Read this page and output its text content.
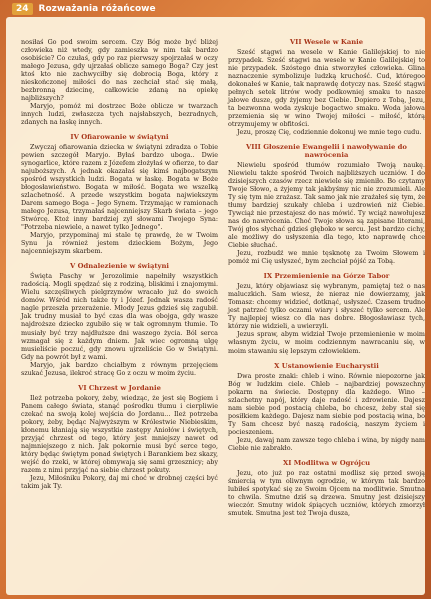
24	Rozważania różańcowe

nosiłaś Go pod swoim sercem. Czy Bóg może być bliżej człowieka niż wtedy, gdy zamieszka w nim tak bardzo osobiście? Co czułaś, gdy po raz pierwszy spojrzałaś w oczy małego Jezusa, gdy ujrzałaś oblicze samego Boga? Czy jest ktoś kto nie zachwyciłby się dobrocią Boga, który z nieskończonej miłości do nas zechciał stać się małą, bezbronną dziecinę, całkowicie zdaną na opiekę najbliższych?

Maryjo, pomóż mi dostrzec Boże oblicze w twarzach innych ludzi, zwłaszcza tych najsłabszych, bezradnych, zdanych na łaskę innych.

IV Ofiarowanie w świątyni

Zwyczaj ofiarowania dziecka w świątyni zdradza o Tobie pewien szczegół Maryjo. Byłaś bardzo uboga.. Dwie synogarlice, które razem z Józefem złożyłaś w ofierze, to dar najuboższych. A jednak okazałaś się kimś najbogatszym spośród wszystkich ludzi. Bogata w łaskę. Bogata w Boże błogosławieństwo. Bogata w miłość. Bogata we wszelką szlachetność. A przede wszystkim bogata najwiekszym Darem samego Boga – Jego Synem. Trzymając w ramionach małego Jezusa, trzymałaś najcenniejszy Skarb świata – jego Stwórcę. Ktoż inny bardziej zył słowami Twojego Syna: "Potrzeba niewiele, a nawet tylko Jednego".

Maryjo, przypominaj mi stale tę prawdę, że w Twoim Synu ja również jestem dzieckiem Bożym, Jego najcenniejszym skarbem.

V Odnalezienie w świątyni

Święta Paschy w Jerozolimie napełniły wszystkich radością. Mogli spędzać się z rodziną, bliskimi i znajomymi. Wielu szczęśliwych pielgrzymów wracało już do swoich domów. Wśród nich także ty i Józef. Jednak wasza radość nagle przeszła przerażenie. Młody Jezus gdzieś się zagubił. Jak trudny musiał to być czas dla was obojga, gdy wasze najdroższe dziecko zgubiło się w tak ogromnym tłumie. To musiały być trzy najdłuższe dni waszego życia. Ból serca wzmagał się z każdym dniem. Jak wiec ogromną ulgę musieliście poczuć, gdy znowu ujrzeliście Go w Świątyni. Gdy na powrót był z wami.

Maryjo, jak bardzo chciałbym z równym przejęciem szukać Jezusa, ilekroć stracę Go z oczu w moim życiu.

VI Chrzest w Jordanie

Ileż potrzeba pokory, żeby, wiedząc, że jest się Bogiem i Panem całego świata, stanąć pośrodku tłumu i cierpliwie czekać na swoją kolej wejścia do Jordanu... Ileż potrzeba pokory, żeby, będąc Najwyższym w Królestwie Niebieskim, kłonemu kłaniają się wszystkie zastępy Aniołów i świętych, przyjąć chrzest od tego, który jest mniejszy nawet od najmniejszego z nich. Jak pokornie musi być serce tego, który będąc świętym ponad świętych i Barankiem bez skazy, wejść do rzeki, w której obmywają się sami grzesznicy; aby razem z nimi przyjąć na siebie chrzest pokuty.

Jezu, Miłośniku Pokory, daj mi choć w drobnej części być takim jak Ty.

VII Wesele w Kanie

Sześć stągwi na wesele w Kanie Galilejskiej to nie przypadek. Sześć stągwi na wesele w Kanie Galilejskiej to nie przypadek. Szóstego dnia stworzyłeś człowieka. Glina naznaczenie symbolizuje ludzką kruchość. Cud, któregoo dokonałeś w Kanie, tak naprawdę dotyczy nas. Sześć stągwi pełnych setek litrów wody podkowniej smaku to nasze jałowe dusze, gdy żyjemy bez Ciebie. Dopiero z Tobą, Jezu, ta bezwonna woda zyskuje bogactwo smaku. Woda jałowa przemienia się w wino Twojej miłości – miłość, którą otrzymujemy w obfitości.

Jezu, proszę Cię, codziennie dokonuj we mnie tego cudu.

VIII Głoszenie Ewangelii i nawoływanie do nawrócenia

Niewielu spośród tłumów rozumiało Twoją naukę. Niewielu także spośród Twoich najbliższych uczniów. I do dzisiejszych czasów rzecz niewiele się zmieniło. Bo czytamy Twoje Słowo, a żyjemy tak jakbyśmy nic nie zrozumieli. Ale Ty się tym nie zrażasz. Tak samo jak nie zrażałeś się tym, że tłumy bardziej szukały chleba i uzdrowień niż Ciebie. Tywciąż nie przestajesz do nas mówić. Ty wciąż nawołujesz nas do nawrócenia. Choć Twoje słowa są zapisane literami, Twój głos słychać gdzieś głęboko w sercu. Jest bardzo cichy, ale możliwy do usłyszenia dla tego, kto naprawdę chce Ciebie słuchać.

Jezu, rozbudź we mnie tęsknotę za Twoim Słowem i pomóż mi Cię usłyszeć, bym zechciał pójść za Tobą.

IX Przemienienie na Górze Tabor

Jezu, który objawiasz się wybranym, pamiętaj też o nas maluczkich. Sam wiesz, że nieraz nie dowierzamy, jak Tomasz: chcemy widzieć, dotknąć, usłyszeć. Czasem trudno jest patrzeć tylko oczami wiary i słyszeć tylko sercem. Ale Ty najlepiej wiesz co dla nas dobre. Błogosławiasz tych, którzy nie widzieli, a uwierzyli.

Jezus spraw, abym widział Twoje przemienienie w moim własnym życiu, w moim codziennym nawracaniu się, w moim stawaniu się lepszym człowiekiem.

X Ustanowienie Eucharystii

Dwa proste znaki: chleb i wino. Równie niepozorne jak Bóg w ludzkim ciele. Chleb – najbardziej powszechny pokarm na świecie. Dostępny dla każdego. Wino – szlachetny napój, który daje radość i zdrowienie. Dajesz nam siebie pod postacią chleba, bo chcesz, żeby stał się posiłkiem każdego. Dajesz nam siebie pod postacią wina, bo Ty Sam chcesz być naszą radością, naszym życiem i pocieszeniem.

Jezu, dawaj nam zawsze tego chleba i wina, by nigdy nam Ciebie nie zabrakło.

XI Modlitwa w Ogrójcu

Jezu, oto już po raz ostatni modlisz się przed swoją śmiercią w tym oliwnym ogrodzie, w którym tak bardzo lubiłeś spotykać się ze Swoim Ojcem na modlitwie. Smutna to chwila. Smutne dziś są drzewa. Smutny jest dzisiejszy wieczór. Smutny widok śpiących uczniów, których zmorzył smutek. Smutna jest też Twoja dusza,
